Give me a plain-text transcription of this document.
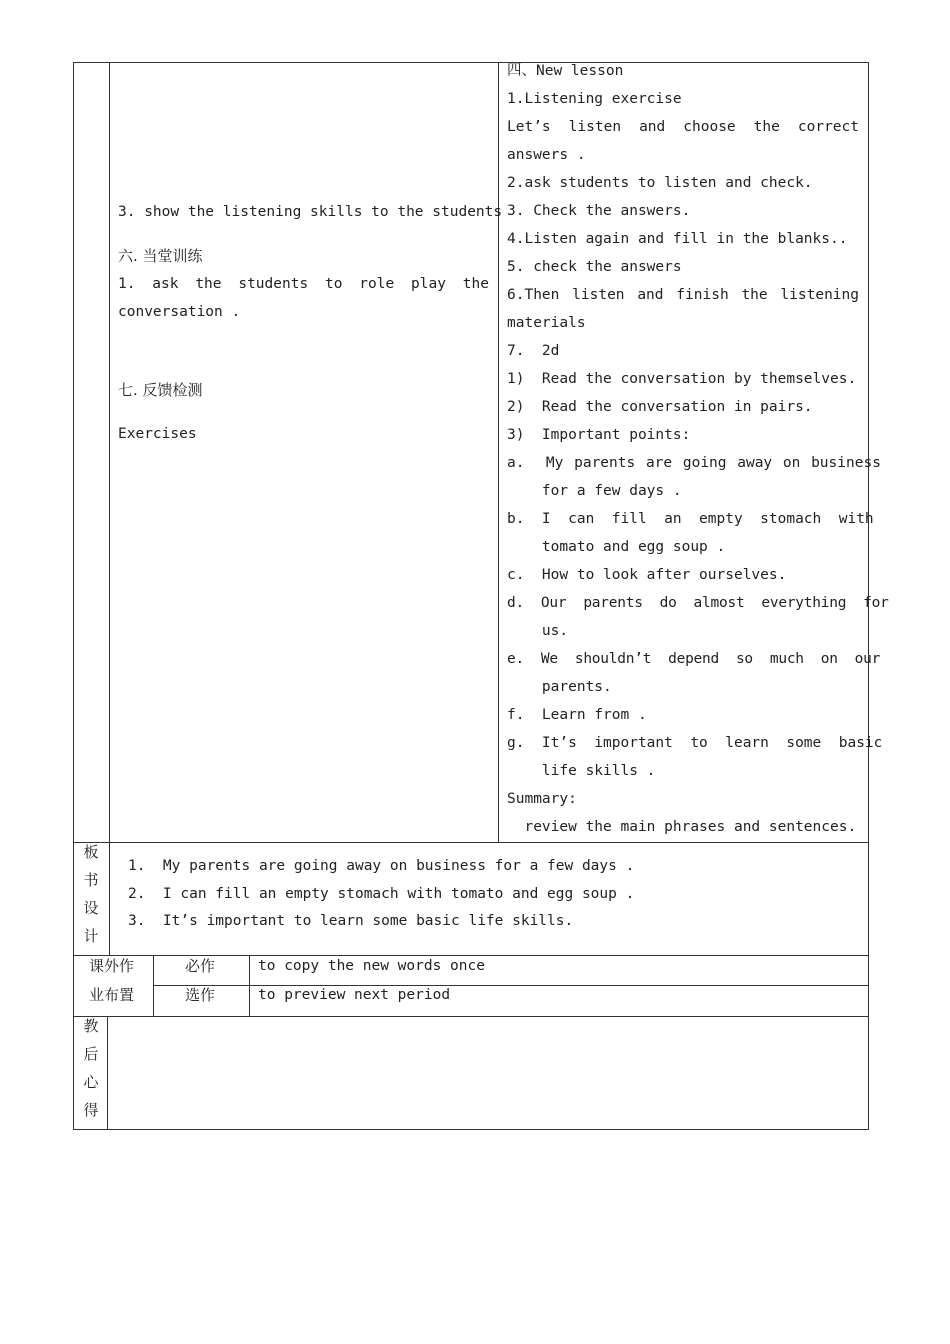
3. show the listening skills to the students
六. 当堂训练
1. ask the students to role play the
conversation .
七. 反馈检测
Exercises
四、New lesson
1.Listening exercise
Let’s listen and choose the correct
answers .
2.ask students to listen and check.
3. Check the answers.
4.Listen again and fill in the blanks..
5. check the answers
6.Then listen and finish the listening
materials
7.  2d
1)  Read the conversation by themselves.
2)  Read the conversation in pairs.
3)  Important points:
a.  My parents are going away on business
for a few days .
b.  I  can  fill  an  empty  stomach  with
tomato and egg soup .
c.  How to look after ourselves.
d.  Our  parents  do  almost  everything  for
us.
e.  We  shouldn’t  depend  so  much  on  our
parents.
f.  Learn from .
g.  It’s  important  to  learn  some  basic
life skills .
Summary:
review the main phrases and sentences.
板
书
设
计
1.  My parents are going away on business for a few days .
2.  I can fill an empty stomach with tomato and egg soup .
3.  It’s important to learn some basic life skills.
课外作
业布置
必作	to copy the new words once
选作	to preview next period
教
后
心
得
